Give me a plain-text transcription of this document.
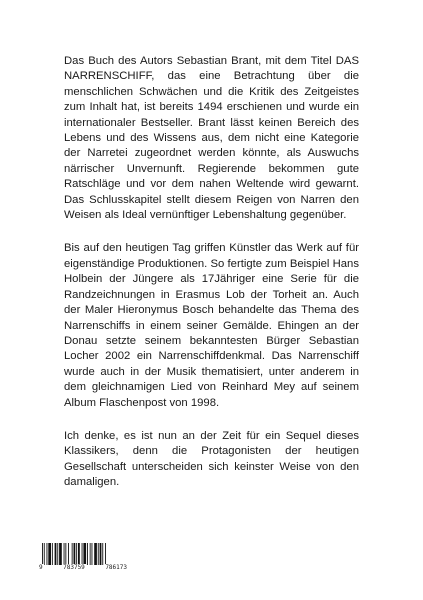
Das Buch des Autors Sebastian Brant, mit dem Titel DAS NARRENSCHIFF, das eine Betrachtung über die menschlichen Schwächen und die Kritik des Zeitgeistes zum Inhalt hat, ist bereits 1494 erschienen und wurde ein internationaler Bestseller. Brant lässt keinen Bereich des Lebens und des Wissens aus, dem nicht eine Kategorie der Narretei zugeordnet werden könnte, als Auswuchs närrischer Unvernunft. Regierende bekommen gute Ratschläge und vor dem nahen Weltende wird gewarnt. Das Schlusskapitel stellt diesem Reigen von Narren den Weisen als Ideal vernünftiger Lebenshaltung gegenüber.

Bis auf den heutigen Tag griffen Künstler das Werk auf für eigenständige Produktionen. So fertigte zum Beispiel Hans Holbein der Jüngere als 17Jähriger eine Serie für die Randzeichnungen in Erasmus Lob der Torheit an. Auch der Maler Hieronymus Bosch behandelte das Thema des Narrenschiffs in einem seiner Gemälde. Ehingen an der Donau setzte seinem bekanntesten Bürger Sebastian Locher 2002 ein Narrenschiffdenkmal. Das Narrenschiff wurde auch in der Musik thematisiert, unter anderem in dem gleichnamigen Lied von Reinhard Mey auf seinem Album Flaschenpost von 1998.

Ich denke, es ist nun an der Zeit für ein Sequel dieses Klassikers, denn die Protagonisten der heutigen Gesellschaft unterscheiden sich keinster Weise von den damaligen.

9	783759	786173
